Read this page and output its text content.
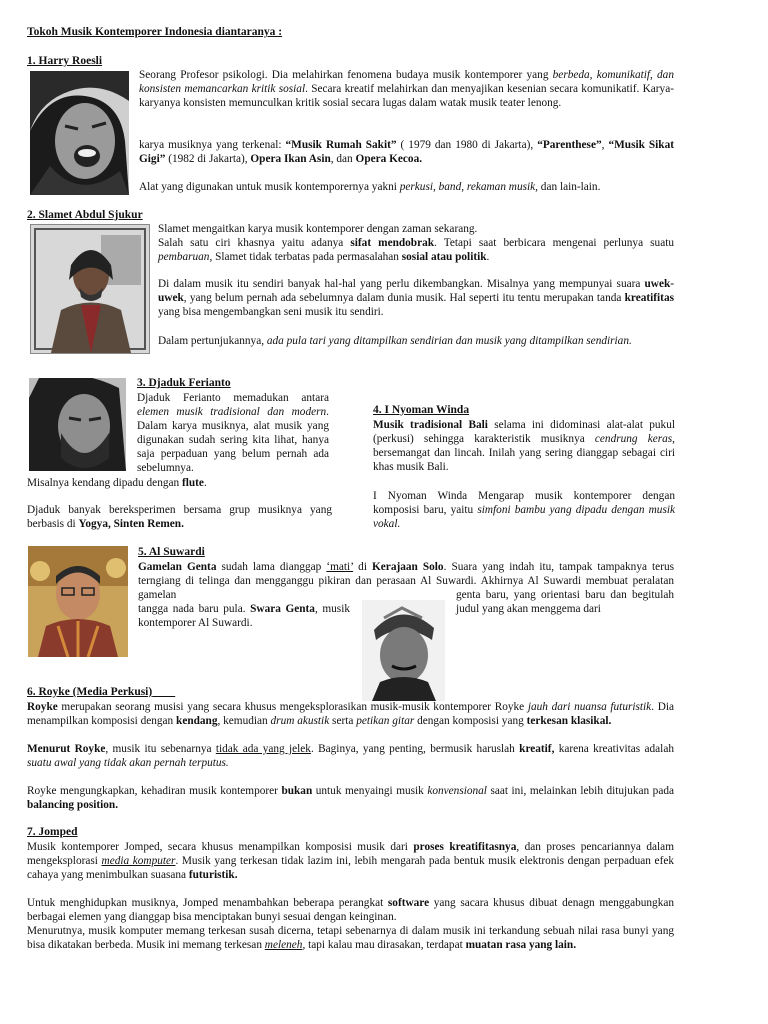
Tokoh Musik Kontemporer Indonesia diantaranya :

1. Harry Roesli

Seorang Profesor psikologi. Dia melahirkan fenomena budaya musik kontemporer yang berbeda, komunikatif, dan konsisten memancarkan kritik sosial. Secara kreatif melahirkan dan menyajikan kesenian secara komunikatif. Karya-karyanya konsisten memunculkan kritik sosial secara lugas dalam watak musik teater lenong.

karya musiknya yang terkenal: “Musik Rumah Sakit” ( 1979 dan 1980 di Jakarta), “Parenthese”, “Musik Sikat Gigi” (1982 di Jakarta), Opera Ikan Asin, dan Opera Kecoa.

Alat yang digunakan untuk musik kontemporernya yakni perkusi, band, rekaman musik, dan lain-lain.

2. Slamet Abdul Sjukur

Slamet mengaitkan karya musik kontemporer dengan zaman sekarang.

Salah satu ciri khasnya yaitu adanya sifat mendobrak. Tetapi saat berbicara mengenai perlunya suatu pembaruan, Slamet tidak terbatas pada permasalahan sosial atau politik.

Di dalam musik itu sendiri banyak hal-hal yang perlu dikembangkan. Misalnya yang mempunyai suara uwek-uwek, yang belum pernah ada sebelumnya dalam dunia musik. Hal seperti itu tentu merupakan tanda kreatifitas yang bisa mengembangkan seni musik itu sendiri.

Dalam pertunjukannya, ada pula tari yang ditampilkan sendirian dan musik yang ditampilkan sendirian.

3. Djaduk Ferianto

Djaduk Ferianto memadukan antara elemen musik tradisional dan modern. Dalam karya musiknya, alat musik yang digunakan sudah sering kita lihat, hanya saja perpaduan yang belum pernah ada sebelumnya.

Misalnya kendang dipadu dengan flute.

Djaduk banyak bereksperimen bersama grup musiknya yang berbasis di Yogya, Sinten Remen.

4. I Nyoman Winda

Musik tradisional Bali selama ini didominasi alat-alat pukul (perkusi) sehingga karakteristik musiknya cendrung keras, bersemangat dan lincah. Inilah yang sering dianggap sebagai ciri khas musik Bali.

I Nyoman Winda Mengarap musik kontemporer dengan komposisi baru, yaitu simfoni bambu yang dipadu dengan musik vokal.

5. Al Suwardi

Gamelan Genta sudah lama dianggap ‘mati’ di Kerajaan Solo. Suara yang indah itu, tampak tampaknya terus terngiang di telinga dan mengganggu pikiran dan perasaan Al Suwardi. Akhirnya Al Suwardi membuat peralatan gamelan	genta baru, yang orientasi baru dan begitulah judul yang akan menggema dari

tangga nada baru pula. Swara Genta, musik kontemporer Al Suwardi.

6. Royke (Media Perkusi)

Royke merupakan seorang musisi yang secara khusus mengeksplorasikan musik-musik kontemporer Royke jauh dari nuansa futuristik. Dia menampilkan komposisi dengan kendang, kemudian drum akustik serta petikan gitar dengan komposisi yang terkesan klasikal.

Menurut Royke, musik itu sebenarnya tidak ada yang jelek. Baginya, yang penting, bermusik haruslah kreatif, karena kreativitas adalah suatu awal yang tidak akan pernah terputus.

Royke mengungkapkan, kehadiran musik kontemporer bukan untuk menyaingi musik konvensional saat ini, melainkan lebih ditujukan pada balancing position.

7. Jomped

Musik kontemporer Jomped, secara khusus menampilkan komposisi musik dari proses kreatifitasnya, dan proses pencariannya dalam mengeksplorasi media komputer. Musik yang terkesan tidak lazim ini, lebih mengarah pada bentuk musik elektronis dengan perpaduan efek cahaya yang menimbulkan suasana futuristik.

Untuk menghidupkan musiknya, Jomped menambahkan beberapa perangkat software yang sacara khusus dibuat denagn menggabungkan berbagai elemen yang dianggap bisa menciptakan bunyi sesuai dengan keinginan.

Menurutnya, musik komputer memang terkesan susah dicerna, tetapi sebenarnya di dalam musik ini terkandung sebuah nilai rasa bunyi yang bisa dikatakan berbeda. Musik ini memang terkesan meleneh, tapi kalau mau dirasakan, terdapat muatan rasa yang lain.
